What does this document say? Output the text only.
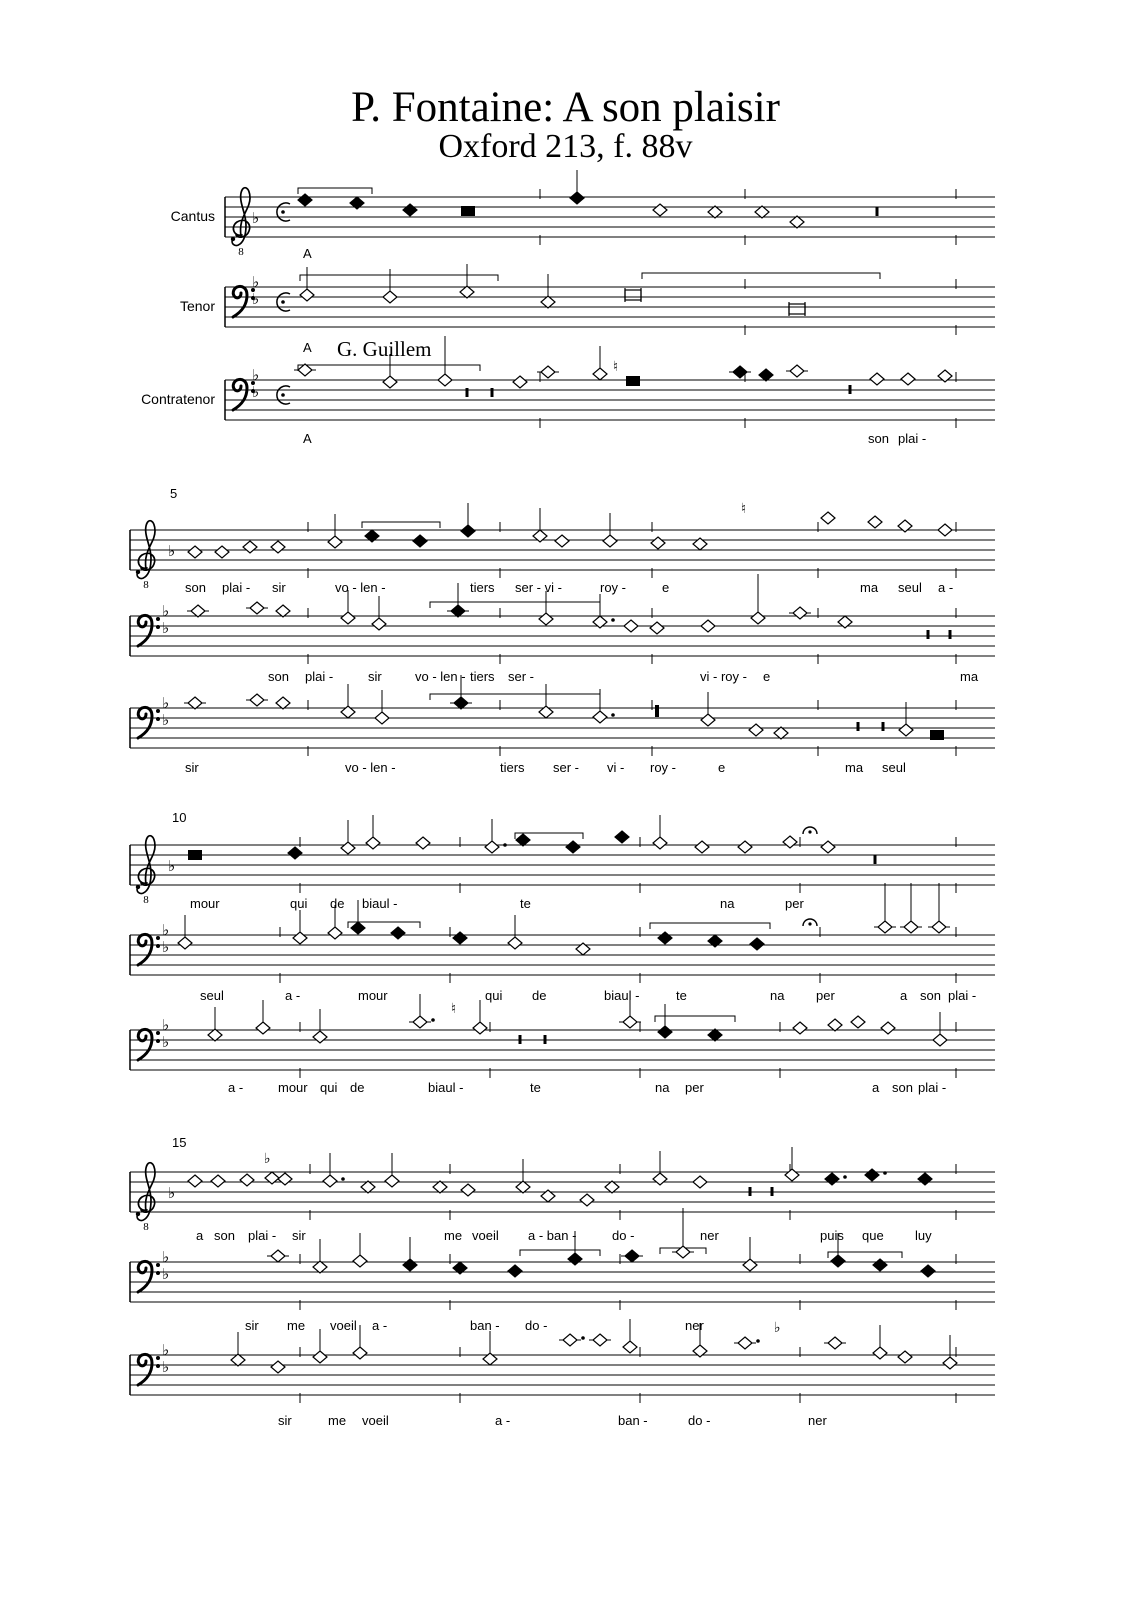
8
♭
A
Cantus
♭
♭
A
Tenor
♭
♭
♮
A	son plai -
Contratenor
5
8
♭
♮
son plai - sir	vo - len -	tiers ser - vi -	roy -	e	ma seul a -
♭
♭
son plai -	sir	vo - len - tiers ser -	vi - roy - e	ma
♭
♭
sir	vo - len -	tiers ser - vi - roy -	e	ma seul
10
8
♭
mour	qui de biaul -	te	na	per
♭
♭
seul	a -	mour	qui de	biaul -	te	na per	a son plai -
♭
♭
♮
a -	mour qui de	biaul -	te	na per	a son plai -
15
8
♭
♭
a son plai - sir	me voeil a - ban -	do -	ner	puis que luy
♭
♭
sir me voeil a -	ban - do -	ner
♭
♭
♭
sir	me voeil	a -	ban -	do -	ner
G. Guillem
P. Fontaine: A son plaisir
Oxford 213, f. 88v
